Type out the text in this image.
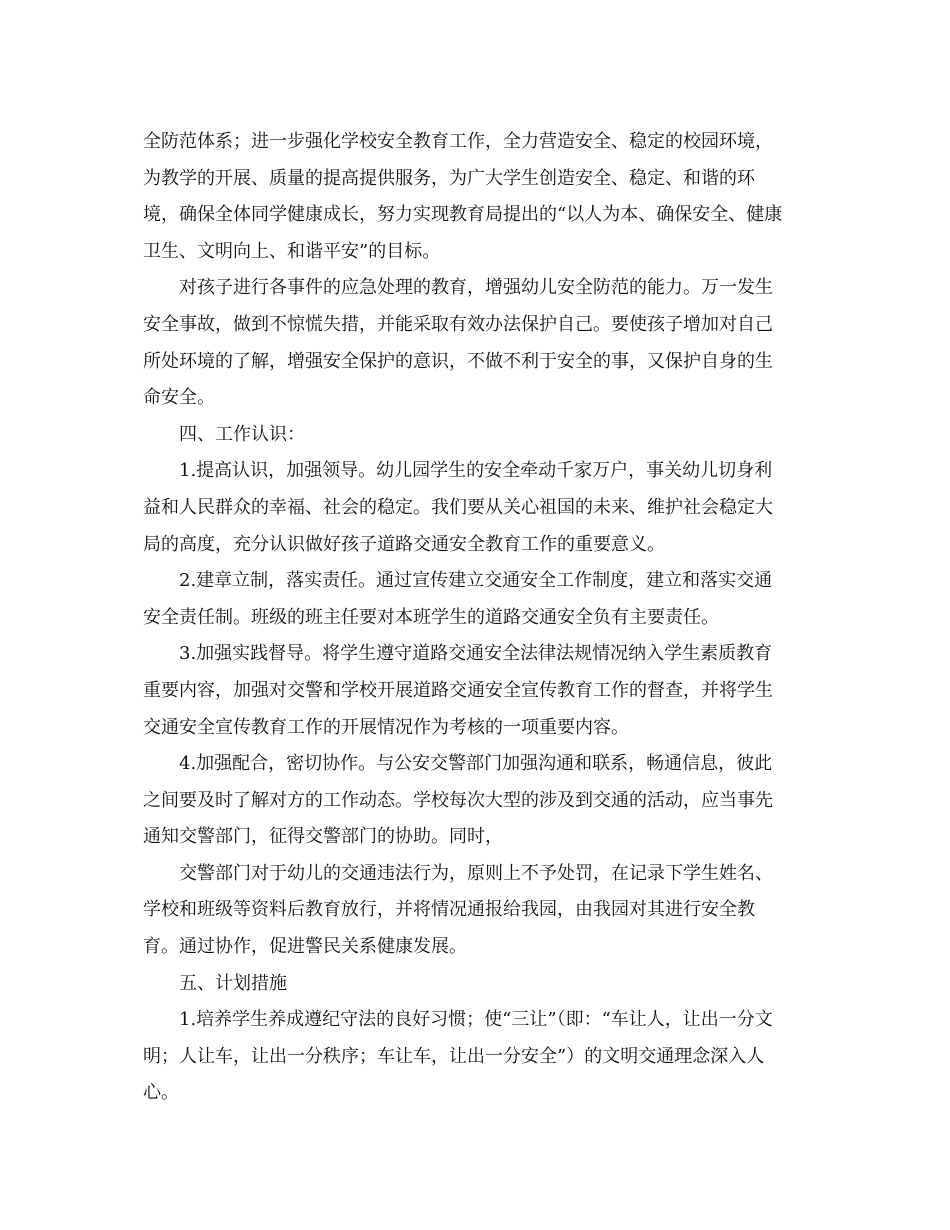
全防范体系；进一步强化学校安全教育工作，全力营造安全、稳定的校园环境，
为教学的开展、质量的提高提供服务，为广大学生创造安全、稳定、和谐的环
境，确保全体同学健康成长，努力实现教育局提出的“以人为本、确保安全、健康
卫生、文明向上、和谐平安”的目标。

对孩子进行各事件的应急处理的教育，增强幼儿安全防范的能力。万一发生
安全事故，做到不惊慌失措，并能采取有效办法保护自己。要使孩子增加对自己
所处环境的了解，增强安全保护的意识，不做不利于安全的事，又保护自身的生
命安全。

四、工作认识：

1.提高认识，加强领导。幼儿园学生的安全牵动千家万户，事关幼儿切身利
益和人民群众的幸福、社会的稳定。我们要从关心祖国的未来、维护社会稳定大
局的高度，充分认识做好孩子道路交通安全教育工作的重要意义。

2.建章立制，落实责任。通过宣传建立交通安全工作制度，建立和落实交通
安全责任制。班级的班主任要对本班学生的道路交通安全负有主要责任。

3.加强实践督导。将学生遵守道路交通安全法律法规情况纳入学生素质教育
重要内容，加强对交警和学校开展道路交通安全宣传教育工作的督查，并将学生
交通安全宣传教育工作的开展情况作为考核的一项重要内容。

4.加强配合，密切协作。与公安交警部门加强沟通和联系，畅通信息，彼此
之间要及时了解对方的工作动态。学校每次大型的涉及到交通的活动，应当事先
通知交警部门，征得交警部门的协助。同时，

交警部门对于幼儿的交通违法行为，原则上不予处罚，在记录下学生姓名、
学校和班级等资料后教育放行，并将情况通报给我园，由我园对其进行安全教
育。通过协作，促进警民关系健康发展。

五、计划措施

1.培养学生养成遵纪守法的良好习惯；使“三让”（即：“车让人，让出一分文
明；人让车，让出一分秩序；车让车，让出一分安全”）的文明交通理念深入人
心。
